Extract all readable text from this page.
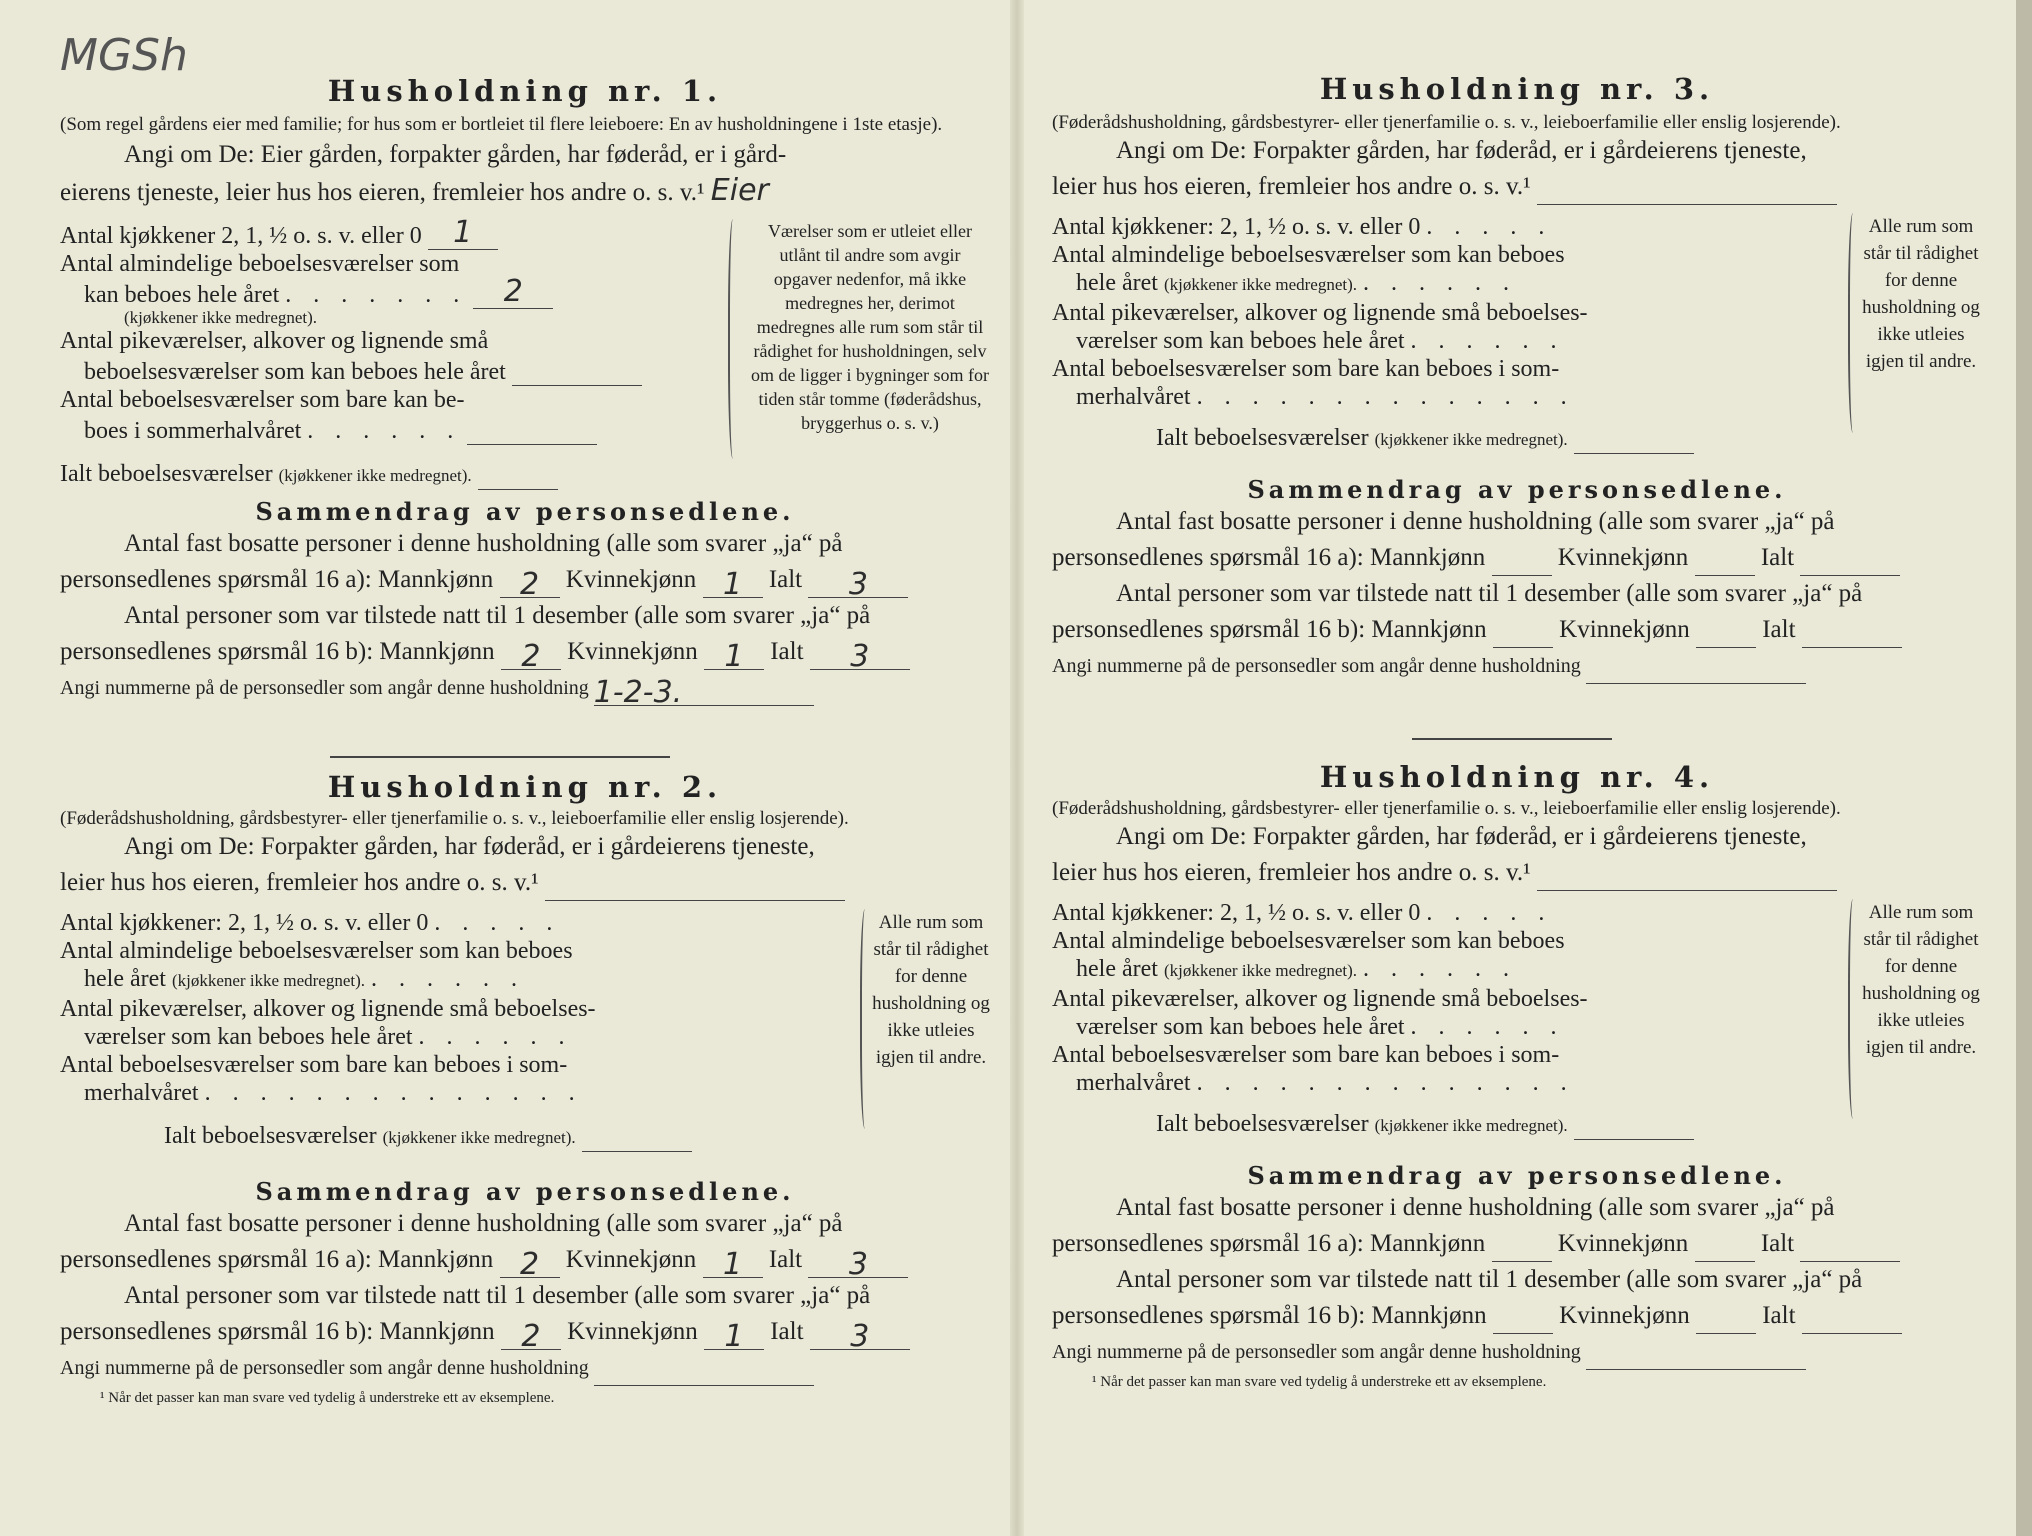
MGSh

Husholdning nr. 1.

(Som regel gårdens eier med familie; for hus som er bortleiet til flere leieboere: En av husholdningene i 1ste etasje).
Angi om De: Eier gården, forpakter gården, har føderåd, er i gård-
eierens tjeneste, leier hus hos eieren, fremleier hos andre o. s. v.¹ Eier
Antal kjøkkener 2, 1, ½ o. s. v. eller 0 1
Antal almindelige beboelsesværelser som
kan beboes hele året . . . . . . . 2
(kjøkkener ikke medregnet).
Antal pikeværelser, alkover og lignende små
beboelsesværelser som kan beboes hele året
Antal beboelsesværelser som bare kan be-
boes i sommerhalvåret . . . . . .
Ialt beboelsesværelser (kjøkkener ikke medregnet).
Værelser som er utleiet eller utlånt til andre som avgir opgaver nedenfor, må ikke medregnes her, derimot medregnes alle rum som står til rådighet for husholdningen, selv om de ligger i bygninger som for tiden står tomme (føderådshus, bryggerhus o. s. v.)
Sammendrag av personsedlene.
Antal fast bosatte personer i denne husholdning (alle som svarer „ja“ på
personsedlenes spørsmål 16 a): Mannkjønn 2 Kvinnekjønn 1 Ialt 3
Antal personer som var tilstede natt til 1 desember (alle som svarer „ja“ på
personsedlenes spørsmål 16 b): Mannkjønn 2 Kvinnekjønn 1 Ialt 3
Angi nummerne på de personsedler som angår denne husholdning 1-2-3.

Husholdning nr. 2.

(Føderådshusholdning, gårdsbestyrer- eller tjenerfamilie o. s. v., leieboerfamilie eller enslig losjerende).
Angi om De: Forpakter gården, har føderåd, er i gårdeierens tjeneste,
leier hus hos eieren, fremleier hos andre o. s. v.¹
Antal kjøkkener: 2, 1, ½ o. s. v. eller 0 . . . . .
Antal almindelige beboelsesværelser som kan beboes
hele året (kjøkkener ikke medregnet). . . . . . .
Antal pikeværelser, alkover og lignende små beboelses-
værelser som kan beboes hele året . . . . . .
Antal beboelsesværelser som bare kan beboes i som-
merhalvåret . . . . . . . . . . . . . .
Ialt beboelsesværelser (kjøkkener ikke medregnet).
Alle rum som står til rådighet for denne husholdning og ikke utleies igjen til andre.
Sammendrag av personsedlene.
Antal fast bosatte personer i denne husholdning (alle som svarer „ja“ på
personsedlenes spørsmål 16 a): Mannkjønn 2 Kvinnekjønn 1 Ialt 3
Antal personer som var tilstede natt til 1 desember (alle som svarer „ja“ på
personsedlenes spørsmål 16 b): Mannkjønn 2 Kvinnekjønn 1 Ialt 3
Angi nummerne på de personsedler som angår denne husholdning
¹ Når det passer kan man svare ved tydelig å understreke ett av eksemplene.

Husholdning nr. 3.

(Føderådshusholdning, gårdsbestyrer- eller tjenerfamilie o. s. v., leieboerfamilie eller enslig losjerende).
Angi om De: Forpakter gården, har føderåd, er i gårdeierens tjeneste,
leier hus hos eieren, fremleier hos andre o. s. v.¹
Antal kjøkkener: 2, 1, ½ o. s. v. eller 0 . . . . .
Antal almindelige beboelsesværelser som kan beboes
hele året (kjøkkener ikke medregnet). . . . . . .
Antal pikeværelser, alkover og lignende små beboelses-
værelser som kan beboes hele året . . . . . .
Antal beboelsesværelser som bare kan beboes i som-
merhalvåret . . . . . . . . . . . . . .
Ialt beboelsesværelser (kjøkkener ikke medregnet).
Alle rum som står til rådighet for denne husholdning og ikke utleies igjen til andre.
Sammendrag av personsedlene.
Antal fast bosatte personer i denne husholdning (alle som svarer „ja“ på
personsedlenes spørsmål 16 a): Mannkjønn	Kvinnekjønn	Ialt
Antal personer som var tilstede natt til 1 desember (alle som svarer „ja“ på
personsedlenes spørsmål 16 b): Mannkjønn	Kvinnekjønn	Ialt
Angi nummerne på de personsedler som angår denne husholdning

Husholdning nr. 4.

(Føderådshusholdning, gårdsbestyrer- eller tjenerfamilie o. s. v., leieboerfamilie eller enslig losjerende).
Angi om De: Forpakter gården, har føderåd, er i gårdeierens tjeneste,
leier hus hos eieren, fremleier hos andre o. s. v.¹
Antal kjøkkener: 2, 1, ½ o. s. v. eller 0 . . . . .
Antal almindelige beboelsesværelser som kan beboes
hele året (kjøkkener ikke medregnet). . . . . . .
Antal pikeværelser, alkover og lignende små beboelses-
værelser som kan beboes hele året . . . . . .
Antal beboelsesværelser som bare kan beboes i som-
merhalvåret . . . . . . . . . . . . . .
Ialt beboelsesværelser (kjøkkener ikke medregnet).
Alle rum som står til rådighet for denne husholdning og ikke utleies igjen til andre.
Sammendrag av personsedlene.
Antal fast bosatte personer i denne husholdning (alle som svarer „ja“ på
personsedlenes spørsmål 16 a): Mannkjønn	Kvinnekjønn	Ialt
Antal personer som var tilstede natt til 1 desember (alle som svarer „ja“ på
personsedlenes spørsmål 16 b): Mannkjønn	Kvinnekjønn	Ialt
Angi nummerne på de personsedler som angår denne husholdning
¹ Når det passer kan man svare ved tydelig å understreke ett av eksemplene.
